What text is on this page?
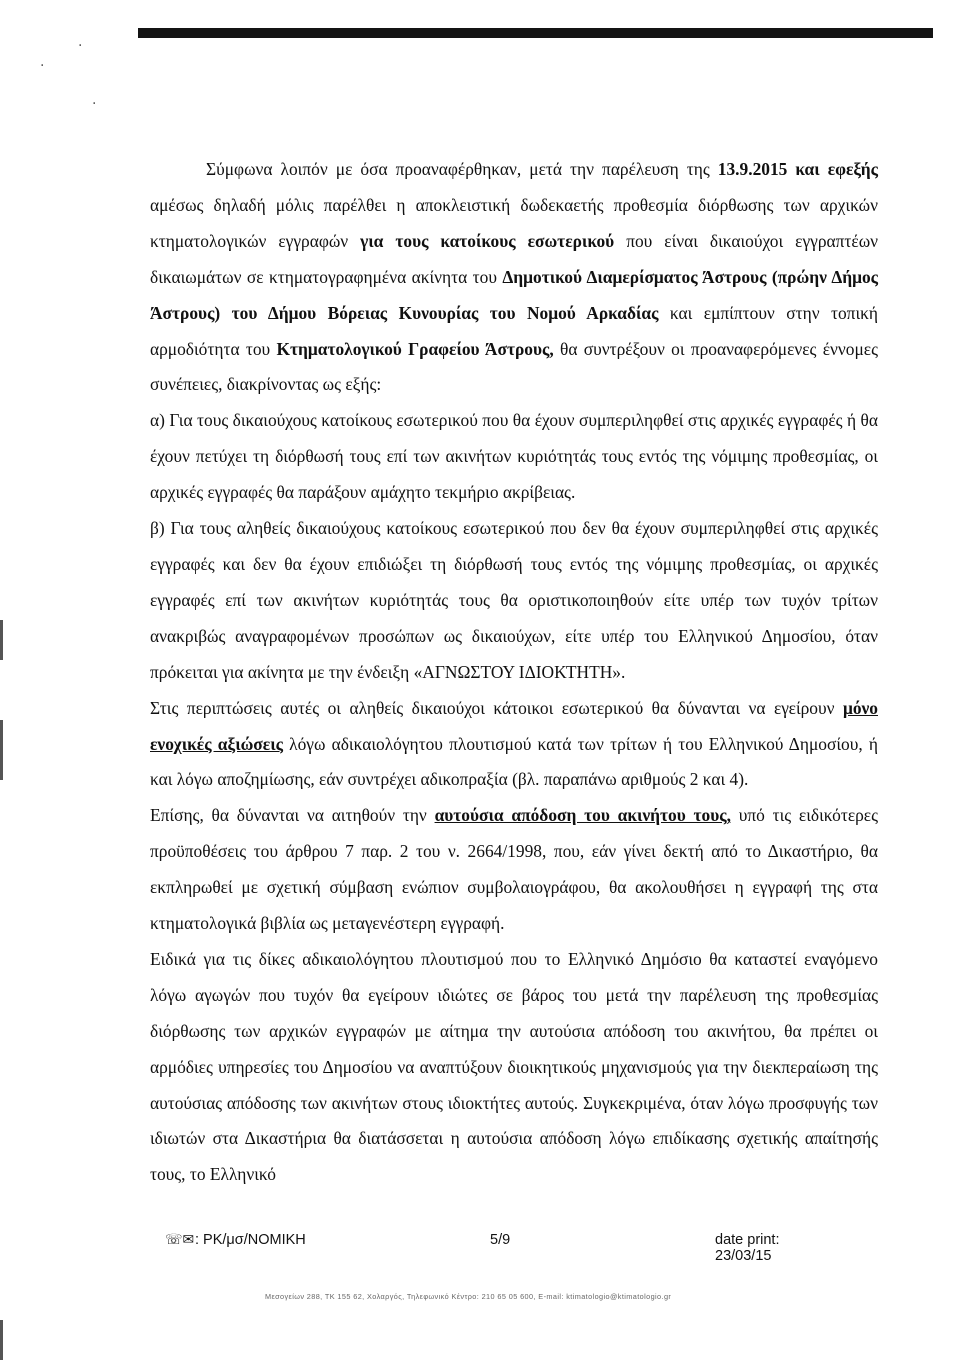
·
·
·

Σύμφωνα λοιπόν με όσα προαναφέρθηκαν, μετά την παρέλευση της 13.9.2015 και εφεξής αμέσως δηλαδή μόλις παρέλθει η αποκλειστική δωδεκαετής προθεσμία διόρθωσης των αρχικών κτηματολογικών εγγραφών για τους κατοίκους εσωτερικού που είναι δικαιούχοι εγγραπτέων δικαιωμάτων σε κτηματογραφημένα ακίνητα του Δημοτικού Διαμερίσματος Άστρους (πρώην Δήμος Άστρους) του Δήμου Βόρειας Κυνουρίας του Νομού Αρκαδίας και εμπίπτουν στην τοπική αρμοδιότητα του Κτηματολογικού Γραφείου Άστρους, θα συντρέξουν οι προαναφερόμενες έννομες συνέπειες, διακρίνοντας ως εξής:

α) Για τους δικαιούχους κατοίκους εσωτερικού που θα έχουν συμπεριληφθεί στις αρχικές εγγραφές ή θα έχουν πετύχει τη διόρθωσή τους επί των ακινήτων κυριότητάς τους εντός της νόμιμης προθεσμίας, οι αρχικές εγγραφές θα παράξουν αμάχητο τεκμήριο ακρίβειας.

β) Για τους αληθείς δικαιούχους κατοίκους εσωτερικού που δεν θα έχουν συμπεριληφθεί στις αρχικές εγγραφές και δεν θα έχουν επιδιώξει τη διόρθωσή τους εντός της νόμιμης προθεσμίας, οι αρχικές εγγραφές επί των ακινήτων κυριότητάς τους θα οριστικοποιηθούν είτε υπέρ των τυχόν τρίτων ανακριβώς αναγραφομένων προσώπων ως δικαιούχων, είτε υπέρ του Ελληνικού Δημοσίου, όταν πρόκειται για ακίνητα με την ένδειξη «ΑΓΝΩΣΤΟΥ ΙΔΙΟΚΤΗΤΗ».

Στις περιπτώσεις αυτές οι αληθείς δικαιούχοι κάτοικοι εσωτερικού θα δύνανται να εγείρουν μόνο ενοχικές αξιώσεις λόγω αδικαιολόγητου πλουτισμού κατά των τρίτων ή του Ελληνικού Δημοσίου, ή και λόγω αποζημίωσης, εάν συντρέχει αδικοπραξία (βλ. παραπάνω αριθμούς 2 και 4).

Επίσης, θα δύνανται να αιτηθούν την αυτούσια απόδοση του ακινήτου τους, υπό τις ειδικότερες προϋποθέσεις του άρθρου 7 παρ. 2 του ν. 2664/1998, που, εάν γίνει δεκτή από το Δικαστήριο, θα εκπληρωθεί με σχετική σύμβαση ενώπιον συμβολαιογράφου, θα ακολουθήσει η εγγραφή της στα κτηματολογικά βιβλία ως μεταγενέστερη εγγραφή.

Ειδικά για τις δίκες αδικαιολόγητου πλουτισμού που το Ελληνικό Δημόσιο θα καταστεί εναγόμενο λόγω αγωγών που τυχόν θα εγείρουν ιδιώτες σε βάρος του μετά την παρέλευση της προθεσμίας διόρθωσης των αρχικών εγγραφών με αίτημα την αυτούσια απόδοση του ακινήτου, θα πρέπει οι αρμόδιες υπηρεσίες του Δημοσίου να αναπτύξουν διοικητικούς μηχανισμούς για την διεκπεραίωση της αυτούσιας απόδοσης των ακινήτων στους ιδιοκτήτες αυτούς. Συγκεκριμένα, όταν λόγω προσφυγής των ιδιωτών στα Δικαστήρια θα διατάσσεται η αυτούσια απόδοση λόγω επιδίκασης σχετικής απαίτησής τους, το Ελληνικό

☏✉ : PK/μσ/NOMIKH	5/9	date print: 23/03/15
Μεσογείων 288, ΤΚ 155 62, Χολαργός, Τηλεφωνικό Κέντρο: 210 65 05 600, E-mail: ktimatologio@ktimatologio.gr
